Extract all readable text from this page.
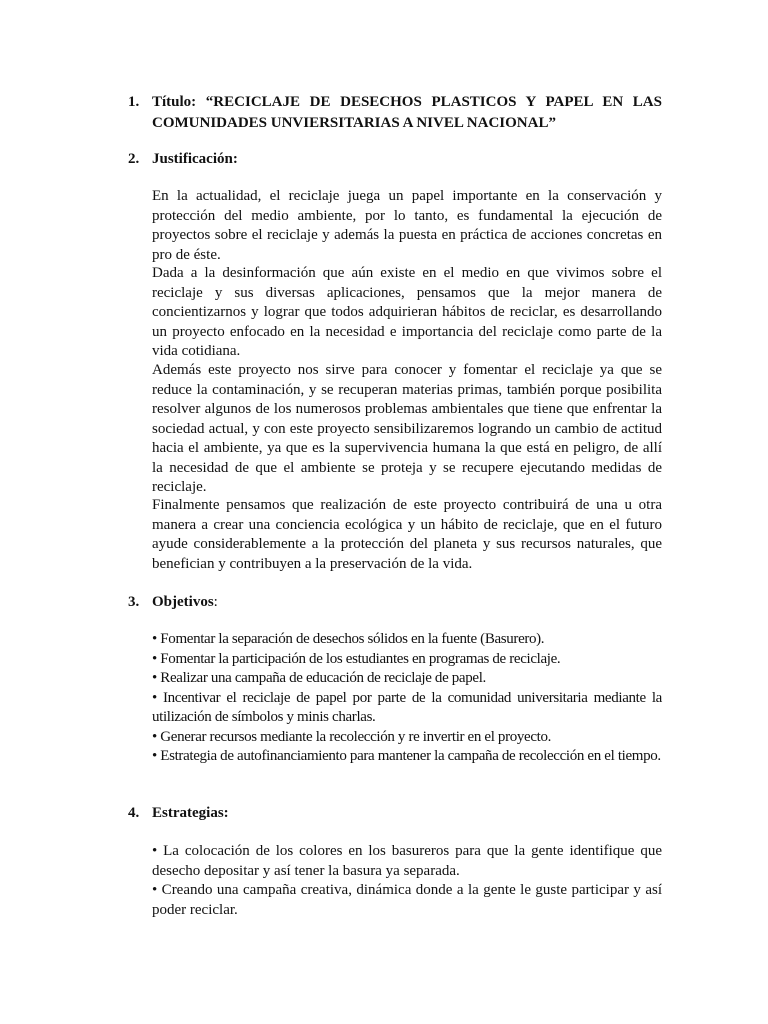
1. Título: “RECICLAJE DE DESECHOS PLASTICOS Y PAPEL EN LAS COMUNIDADES UNVIERSITARIAS A NIVEL NACIONAL”
2. Justificación:
En la actualidad, el reciclaje juega un papel importante en la conservación y protección del medio ambiente, por lo tanto, es fundamental la ejecución de proyectos sobre el reciclaje y además la puesta en práctica de acciones concretas en pro de éste.
Dada a la desinformación que aún existe en el medio en que vivimos sobre el reciclaje y sus diversas aplicaciones, pensamos que la mejor manera de concientizarnos y lograr que todos adquirieran hábitos de reciclar, es desarrollando un proyecto enfocado en la necesidad e importancia del reciclaje como parte de la vida cotidiana.
Además este proyecto nos sirve para conocer y fomentar el reciclaje ya que se reduce la contaminación, y se recuperan materias primas, también porque posibilita resolver algunos de los numerosos problemas ambientales que tiene que enfrentar la sociedad actual, y con este proyecto sensibilizaremos logrando un cambio de actitud hacia el ambiente, ya que es la supervivencia humana la que está en peligro, de allí la necesidad de que el ambiente se proteja y se recupere ejecutando medidas de reciclaje.
Finalmente pensamos que realización de este proyecto contribuirá de una u otra manera a crear una conciencia ecológica y un hábito de reciclaje, que en el futuro ayude considerablemente a la protección del planeta y sus recursos naturales, que benefician y contribuyen a la preservación de la vida.
3. Objetivos:
• Fomentar la separación de desechos sólidos en la fuente (Basurero).
• Fomentar la participación de los estudiantes en programas de reciclaje.
• Realizar una campaña de educación de reciclaje de papel.
• Incentivar el reciclaje de papel por parte de la comunidad universitaria mediante la utilización de símbolos y minis charlas.
• Generar recursos mediante la recolección y re invertir en el proyecto.
• Estrategia de autofinanciamiento para mantener la campaña de recolección en el tiempo.
4. Estrategias:
• La colocación de los colores en los basureros para que la gente identifique que desecho depositar y así tener la basura ya separada.
• Creando una campaña creativa, dinámica donde a la gente le guste participar y así poder reciclar.
